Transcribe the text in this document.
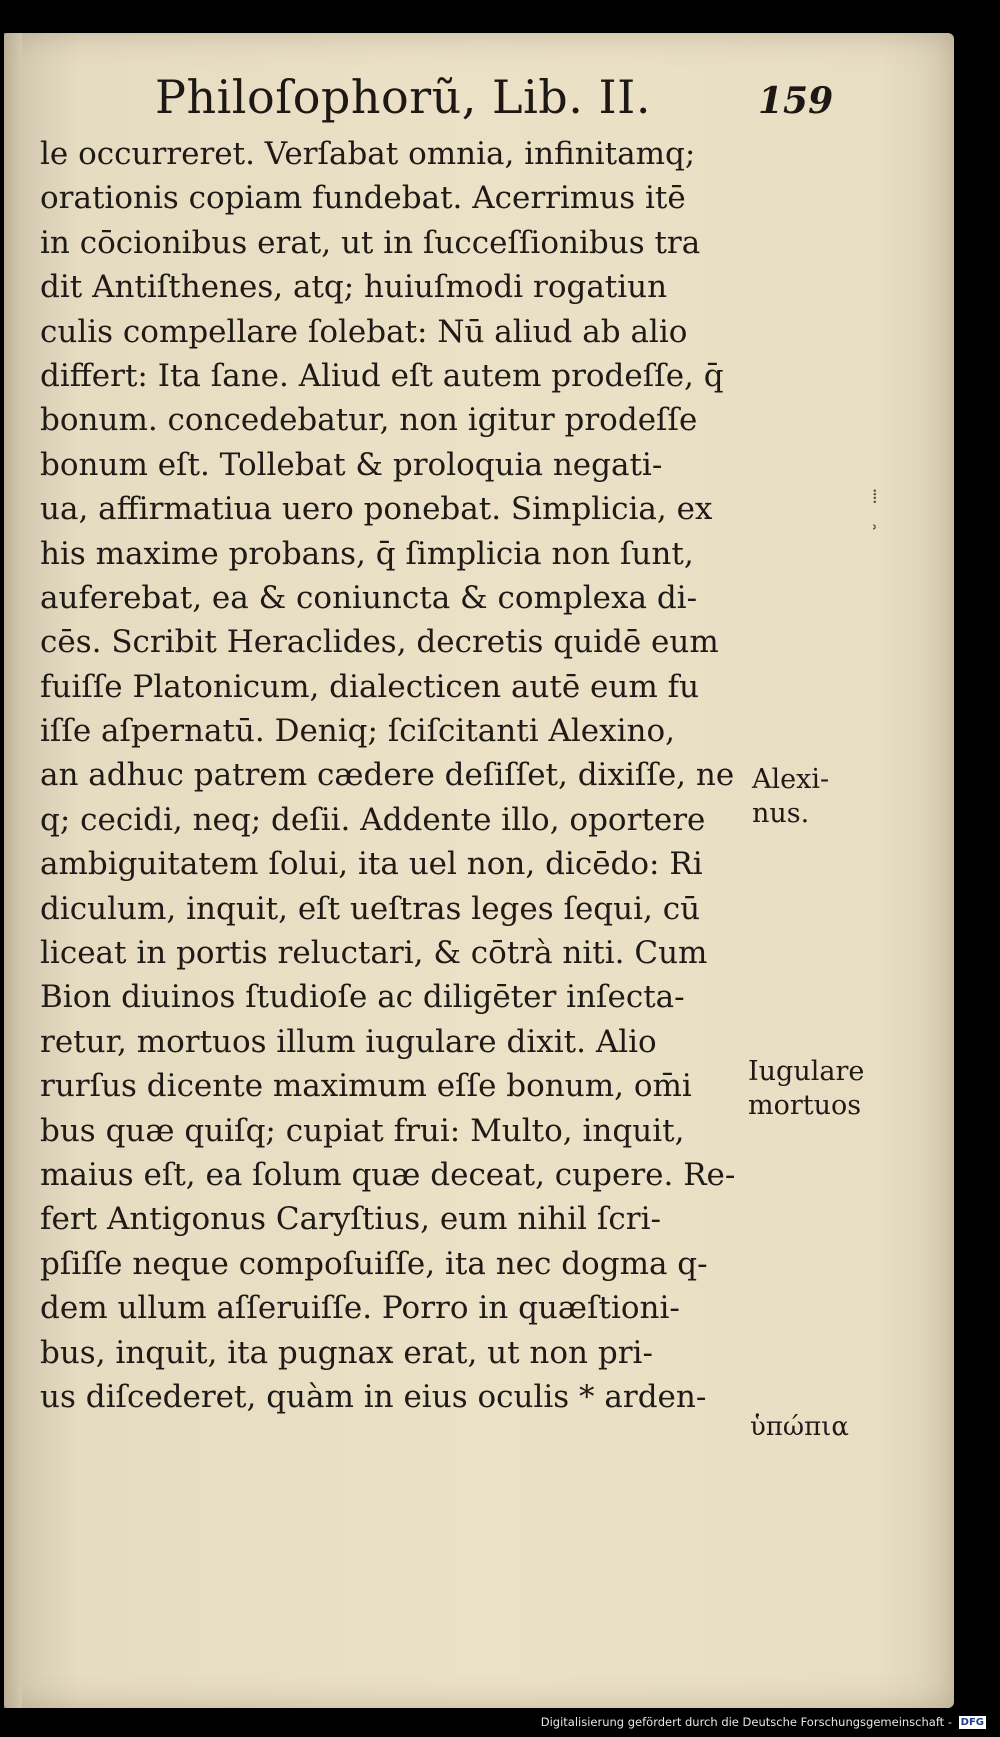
Philoſophorũ, Lib. II.	159
le occurreret. Verſabat omnia, infinitamq;
orationis copiam fundebat. Acerrimus itē
in cōcionibus erat, ut in ſucceſſionibus tra
dit Antiſthenes, atq; huiuſmodi rogatiun
culis compellare ſolebat: Nū aliud ab alio
differt: Ita ſane. Aliud eſt autem prodeſſe, q̄
bonum. concedebatur, non igitur prodeſſe
bonum eſt. Tollebat & proloquia negati-
ua, affirmatiua uero ponebat. Simplicia, ex
his maxime probans, q̄ ſimplicia non ſunt,
auferebat, ea & coniuncta & complexa di-
cēs. Scribit Heraclides, decretis quidē eum
fuiſſe Platonicum, dialecticen autē eum fu
iſſe aſpernatū. Deniq; ſciſcitanti Alexino,
an adhuc patrem cædere deſiſſet, dixiſſe, ne
q; cecidi, neq; deſii. Addente illo, oportere
ambiguitatem ſolui, ita uel non, dicēdo: Ri
diculum, inquit, eſt ueſtras leges ſequi, cū
liceat in portis reluctari, & cōtrà niti. Cum
Bion diuinos ſtudioſe ac diligēter inſecta-
retur, mortuos illum iugulare dixit. Alio
rurſus dicente maximum eſſe bonum, om̄i
bus quæ quiſq; cupiat frui: Multo, inquit,
maius eſt, ea ſolum quæ deceat, cupere. Re-
fert Antigonus Caryſtius, eum nihil ſcri-
pſiſſe neque compoſuiſſe, ita nec dogma q-
dem ullum aſſeruiſſe. Porro in quæſtioni-
bus, inquit, ita pugnax erat, ut non pri-
us diſcederet, quàm in eius oculis * arden-
Alexi-
nus.
Iugulare
mortuos
ὑπώπια
⁞
ʾ
Digitalisierung gefördert durch die Deutsche Forschungsgemeinschaft - DFG
